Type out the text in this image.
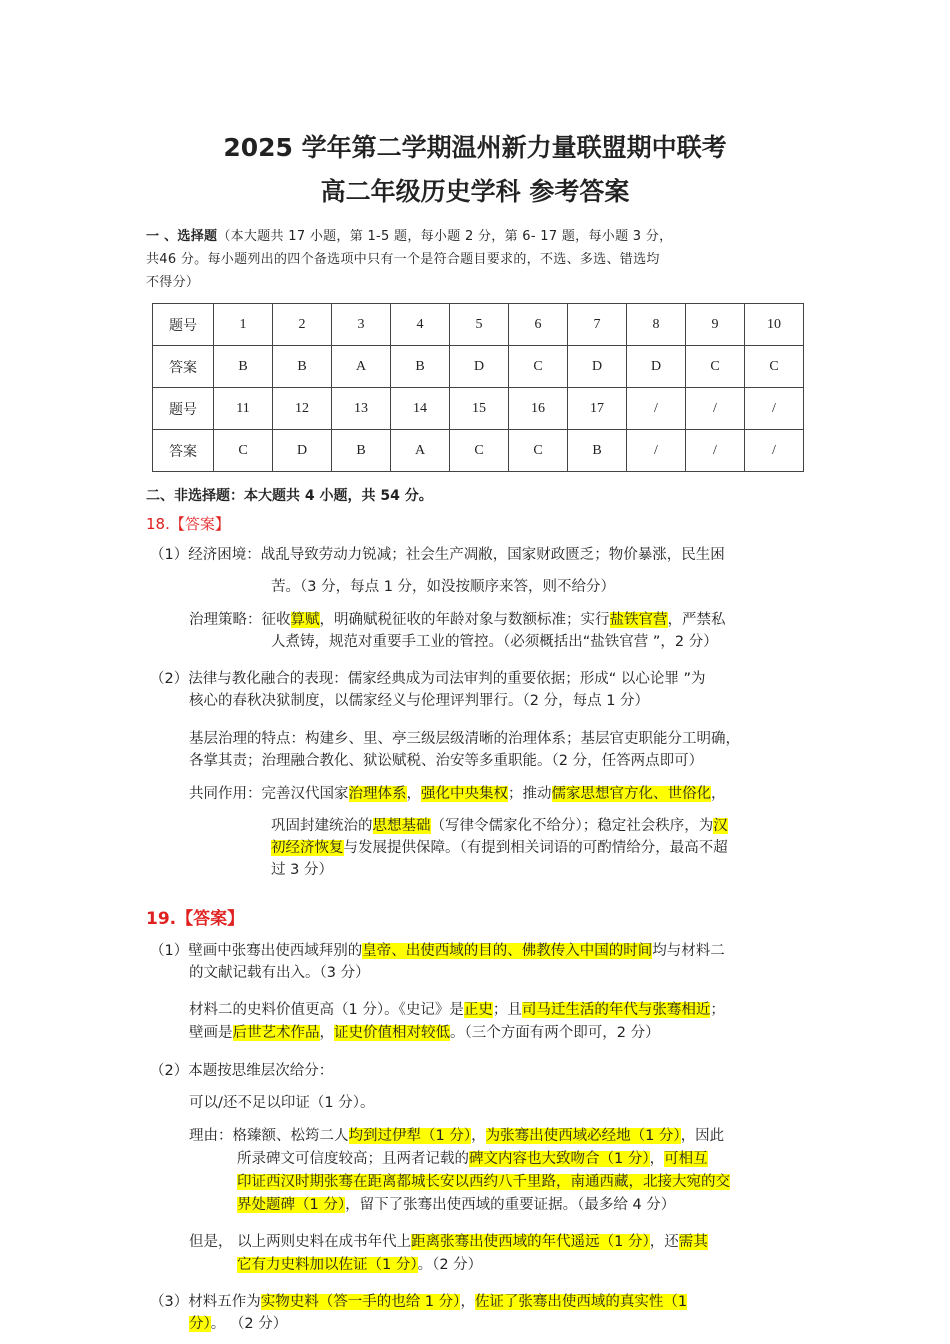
2025 学年第二学期温州新力量联盟期中联考
高二年级历史学科 参考答案
一 、选择题（本大题共 17 小题，第 1-5 题，每小题 2 分，第 6- 17 题，每小题 3 分，
共46 分。每小题列出的四个备选项中只有一个是符合题目要求的，不选、多选、错选均
不得分）
题号	1	2	3	4	5	6	7	8	9	10
答案	B	B	A	B	D	C	D	D	C	C
题号	11	12	13	14	15	16	17	/	/	/
答案	C	D	B	A	C	C	B	/	/	/
二、非选择题：本大题共 4 小题，共 54 分。
18.【答案】
（1）经济困境：战乱导致劳动力锐减；社会生产凋敝，国家财政匮乏；物价暴涨，民生困
苦。（3 分，每点 1 分，如没按顺序来答，则不给分）
治理策略：征收算赋，明确赋税征收的年龄对象与数额标准；实行盐铁官营，严禁私
人煮铸，规范对重要手工业的管控。（必须概括出“盐铁官营 ”，2 分）
（2）法律与教化融合的表现：儒家经典成为司法审判的重要依据；形成“ 以心论罪 ”为
核心的春秋决狱制度，以儒家经义与伦理评判罪行。（2 分，每点 1 分）
基层治理的特点：构建乡、里、亭三级层级清晰的治理体系；基层官吏职能分工明确，
各掌其责；治理融合教化、狱讼赋税、治安等多重职能。（2 分，任答两点即可）
共同作用：完善汉代国家治理体系，强化中央集权；推动儒家思想官方化、世俗化，
巩固封建统治的思想基础（写律令儒家化不给分）；稳定社会秩序，为汉
初经济恢复与发展提供保障。（有提到相关词语的可酌情给分，最高不超
过 3 分）
19.【答案】
（1）壁画中张骞出使西域拜别的皇帝、出使西域的目的、佛教传入中国的时间均与材料二
的文献记载有出入。（3 分）
材料二的史料价值更高（1 分）。《史记》是正史；且司马迁生活的年代与张骞相近；
壁画是后世艺术作品，证史价值相对较低。（三个方面有两个即可，2 分）
（2）本题按思维层次给分：
可以/还不足以印证（1 分）。
理由：格臻额、松筠二人均到过伊犁（1 分），为张骞出使西域必经地（1 分），因此
所录碑文可信度较高；且两者记载的碑文内容也大致吻合（1 分），可相互
印证西汉时期张骞在距离都城长安以西约八千里路，南通西藏，北接大宛的交
界处题碑（1 分），留下了张骞出使西域的重要证据。（最多给 4 分）
但是， 以上两则史料在成书年代上距离张骞出使西域的年代遥远（1 分），还需其
它有力史料加以佐证（1 分）。（2 分）
（3）材料五作为实物史料（答一手的也给 1 分），佐证了张骞出使西域的真实性（1
分）。 （2 分）
